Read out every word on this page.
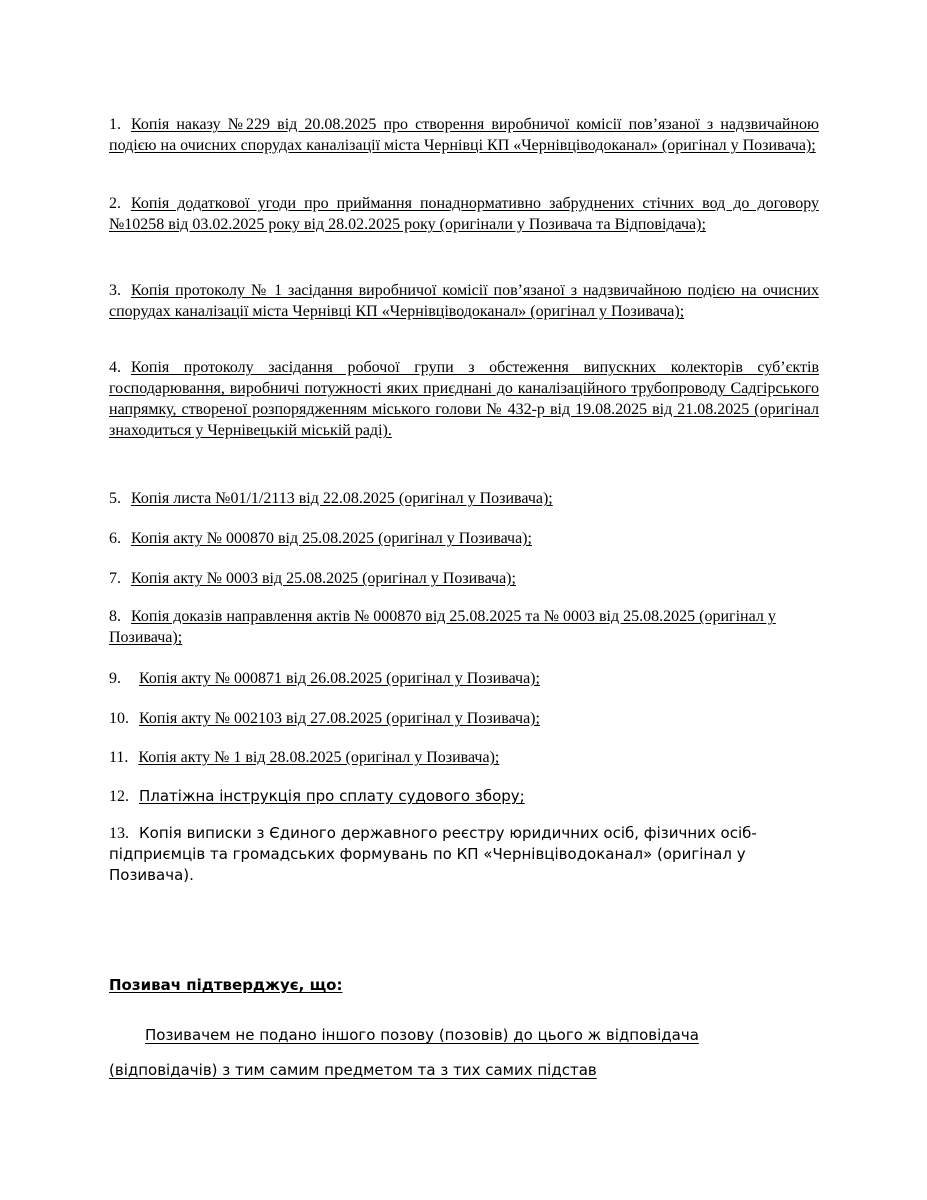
1. Копія наказу №229 від 20.08.2025 про створення виробничої комісії пов’язаної з надзвичайною подією на очисних спорудах каналізації міста Чернівці КП «Чернівціводоканал» (оригінал у Позивача);
2. Копія додаткової угоди про приймання понаднормативно забруднених стічних вод до договору №10258 від 03.02.2025 року від 28.02.2025 року (оригінали у Позивача та Відповідача);
3. Копія протоколу № 1 засідання виробничої комісії пов’язаної з надзвичайною подією на очисних спорудах каналізації міста Чернівці КП «Чернівціводоканал» (оригінал у Позивача);
4. Копія протоколу засідання робочої групи з обстеження випускних колекторів суб’єктів господарювання, виробничі потужності яких приєднані до каналізаційного трубопроводу Садгірського напрямку, створеної розпорядженням міського голови № 432-р від 19.08.2025 від 21.08.2025 (оригінал знаходиться у Чернівецькій міській раді).
5. Копія листа №01/1/2113 від 22.08.2025 (оригінал у Позивача);
6. Копія акту № 000870 від 25.08.2025 (оригінал у Позивача);
7. Копія акту № 0003 від 25.08.2025 (оригінал у Позивача);
8. Копія доказів направлення актів № 000870 від 25.08.2025 та № 0003 від 25.08.2025 (оригінал у Позивача);
9. Копія акту № 000871 від 26.08.2025 (оригінал у Позивача);
10. Копія акту № 002103 від 27.08.2025 (оригінал у Позивача);
11. Копія акту № 1 від 28.08.2025 (оригінал у Позивача);
12. Платіжна інструкція про сплату судового збору;
13. Копія виписки з Єдиного державного реєстру юридичних осіб, фізичних осіб-підприємців та громадських формувань по КП «Чернівціводоканал» (оригінал у Позивача).
Позивач підтверджує, що:
Позивачем не подано іншого позову (позовів) до цього ж відповідача (відповідачів) з тим самим предметом та з тих самих підстав
